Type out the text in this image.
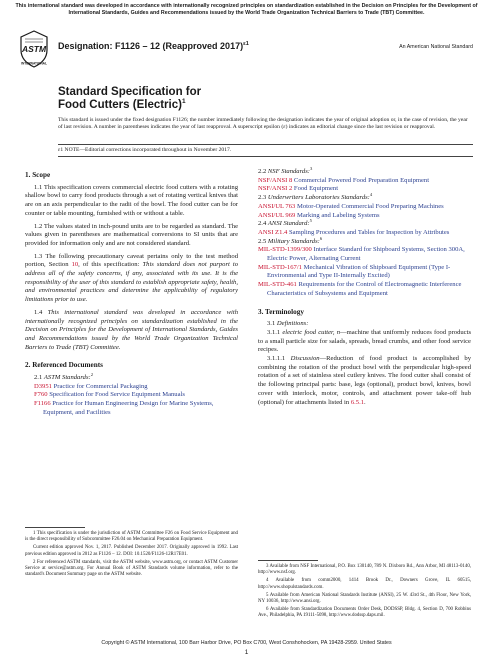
This international standard was developed in accordance with internationally recognized principles on standardization established in the Decision on Principles for the Development of International Standards, Guides and Recommendations issued by the World Trade Organization Technical Barriers to Trade (TBT) Committee.
ASTM
INTERNATIONAL
Designation: F1126 – 12 (Reapproved 2017)$^{\varepsilon 1}$	An American National Standard
Standard Specification for
Food Cutters (Electric)$^1$
This standard is issued under the fixed designation F1126; the number immediately following the designation indicates the year of original adoption or, in the case of revision, the year of last revision. A number in parentheses indicates the year of last reapproval. A superscript epsilon (ε) indicates an editorial change since the last revision or reapproval.
ε1 NOTE—Editorial corrections incorporated throughout in November 2017.

1. Scope

1.1 This specification covers commercial electric food cutters with a rotating shallow bowl to carry food products through a set of rotating vertical knives that are on an axis perpendicular to the radii of the bowl. The food cutter can be for counter or table mounting, furnished with or without a table.

1.2 The values stated in inch-pound units are to be regarded as standard. The values given in parentheses are mathematical conversions to SI units that are provided for information only and are not considered standard.

1.3 The following precautionary caveat pertains only to the test method portion, Section 10, of this specification: This standard does not purport to address all of the safety concerns, if any, associated with its use. It is the responsibility of the user of this standard to establish appropriate safety, health, and environmental practices and determine the applicability of regulatory limitations prior to use.

1.4 This international standard was developed in accordance with internationally recognized principles on standardization established in the Decision on Principles for the Development of International Standards, Guides and Recommendations issued by the World Trade Organization Technical Barriers to Trade (TBT) Committee.

2. Referenced Documents

2.1 ASTM Standards:$^2$

D3951 Practice for Commercial Packaging

F760 Specification for Food Service Equipment Manuals

F1166 Practice for Human Engineering Design for Marine Systems, Equipment, and Facilities

2.2 NSF Standards:$^3$

NSF/ANSI 8 Commercial Powered Food Preparation Equipment

NSF/ANSI 2 Food Equipment

2.3 Underwriters Laboratories Standards:$^4$

ANSI/UL 763 Motor-Operated Commercial Food Preparing Machines

ANSI/UL 969 Marking and Labeling Systems

2.4 ANSI Standard:$^5$

ANSI Z1.4 Sampling Procedures and Tables for Inspection by Attributes

2.5 Military Standards:$^6$

MIL-STD-1399/300 Interface Standard for Shipboard Systems, Section 300A, Electric Power, Alternating Current

MIL-STD-167/1 Mechanical Vibration of Shipboard Equipment (Type I-Environmental and Type II-Internally Excited)

MIL-STD-461 Requirements for the Control of Electromagnetic Interference Characteristics of Subsystems and Equipment

3. Terminology

3.1 Definitions:

3.1.1 electric food cutter, n—machine that uniformly reduces food products to a small particle size for salads, spreads, bread crumbs, and other food service recipes.

3.1.1.1 Discussion—Reduction of food product is accomplished by combining the rotation of the product bowl with the perpendicular high-speed rotation of a set of stainless steel cutlery knives. The food cutter shall consist of the following principal parts: base, legs (optional), product bowl, knives, bowl cover with interlock, motor, controls, and attachment power take-off hub (optional) for attachments listed in 6.5.1.

1 This specification is under the jurisdiction of ASTM Committee F26 on Food Service Equipment and is the direct responsibility of Subcommittee F26.04 on Mechanical Preparation Equipment.

Current edition approved Nov. 1, 2017. Published December 2017. Originally approved in 1992. Last previous edition approved in 2012 as F1126 – 12. DOI: 10.1520/F1126-12R17E01.

2 For referenced ASTM standards, visit the ASTM website, www.astm.org, or contact ASTM Customer Service at service@astm.org. For Annual Book of ASTM Standards volume information, refer to the standard's Document Summary page on the ASTM website.

3 Available from NSF International, P.O. Box 130140, 789 N. Dixboro Rd., Ann Arbor, MI 48113-0140, http://www.nsf.org.

4 Available from comm2000, 1414 Brook Dr., Downers Grove, IL 60515, http://www.shopulstandards.com.

5 Available from American National Standards Institute (ANSI), 25 W. 43rd St., 4th Floor, New York, NY 10036, http://www.ansi.org.

6 Available from Standardization Documents Order Desk, DODSSP, Bldg. 4, Section D, 700 Robbins Ave., Philadelphia, PA 19111-5098, http://www.dodssp.daps.mil.

Copyright © ASTM International, 100 Barr Harbor Drive, PO Box C700, West Conshohocken, PA 19428-2959. United States
1
